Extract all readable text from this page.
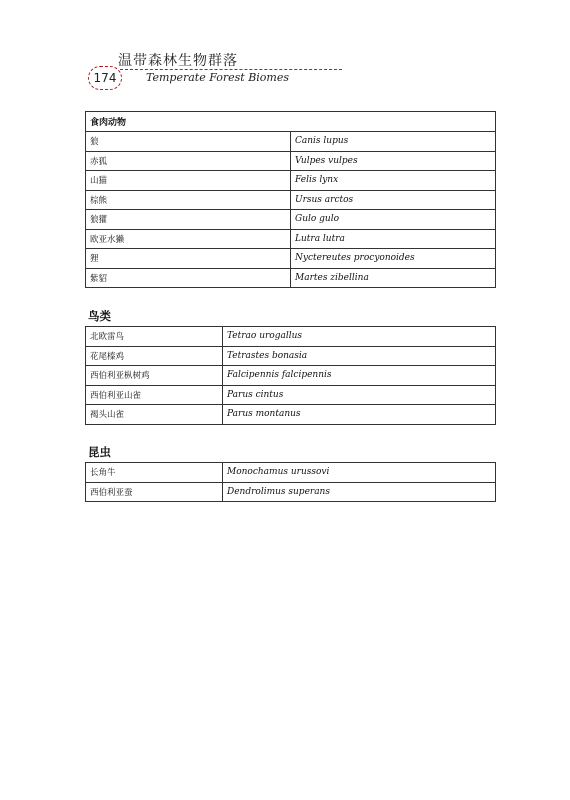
174
温带森林生物群落
Temperate Forest Biomes
食肉动物	
狼	Canis lupus
赤狐	Vulpes vulpes
山猫	Felis lynx
棕熊	Ursus arctos
狼獾	Gulo gulo
欧亚水獭	Lutra lutra
狸	Nyctereutes procyonoides
紫貂	Martes zibellina
鸟类
北欧雷鸟	Tetrao urogallus
花尾榛鸡	Tetrastes bonasia
西伯利亚枞树鸡	Falcipennis falcipennis
西伯利亚山雀	Parus cintus
褐头山雀	Parus montanus
昆虫
长角牛	Monochamus urussovi
西伯利亚蚕	Dendrolimus superans
